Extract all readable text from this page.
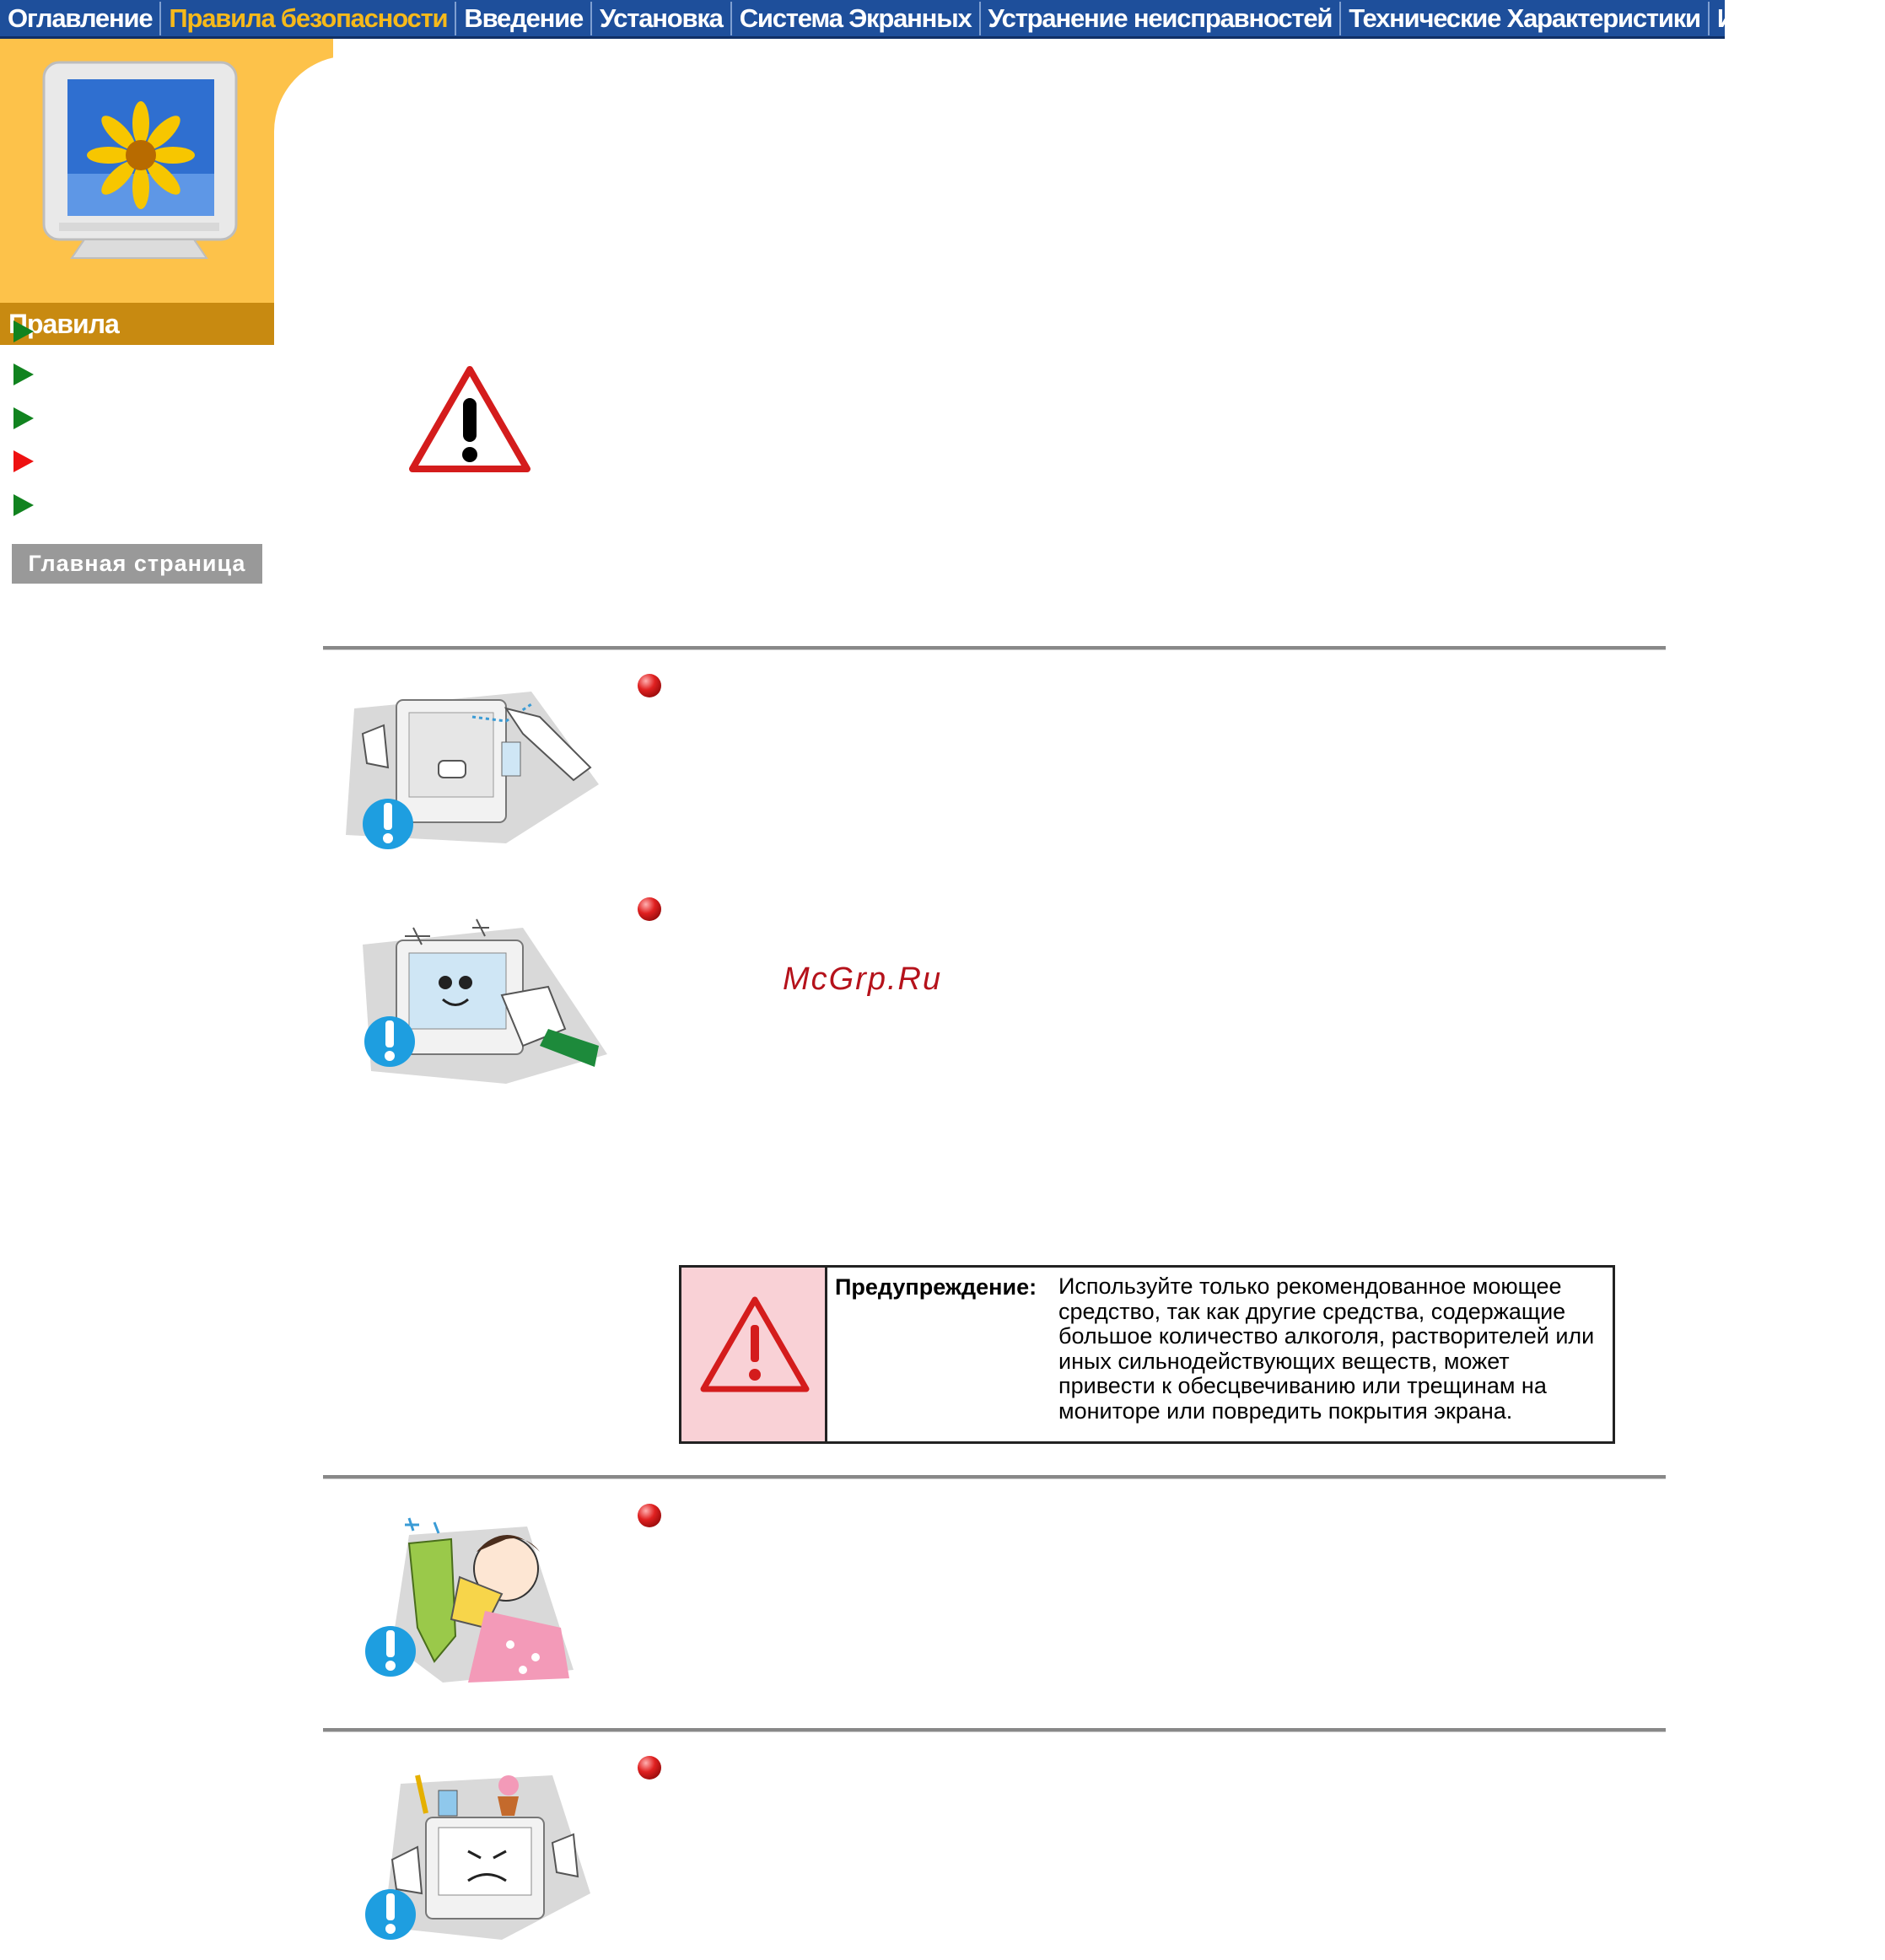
Оглавление Правила безопасности Введение Установка Система Экранных Устранение неисправностей Технические Характеристики Информации
Правила безопасности
Главная страница
McGrp.Ru
Предупреждение: Используйте только рекомендованное моющее средство, так как другие средства, содержащие большое количество алкоголя, растворителей или иных сильнодействующих веществ, может привести к обесцвечиванию или трещинам на мониторе или повредить покрытия экрана.
